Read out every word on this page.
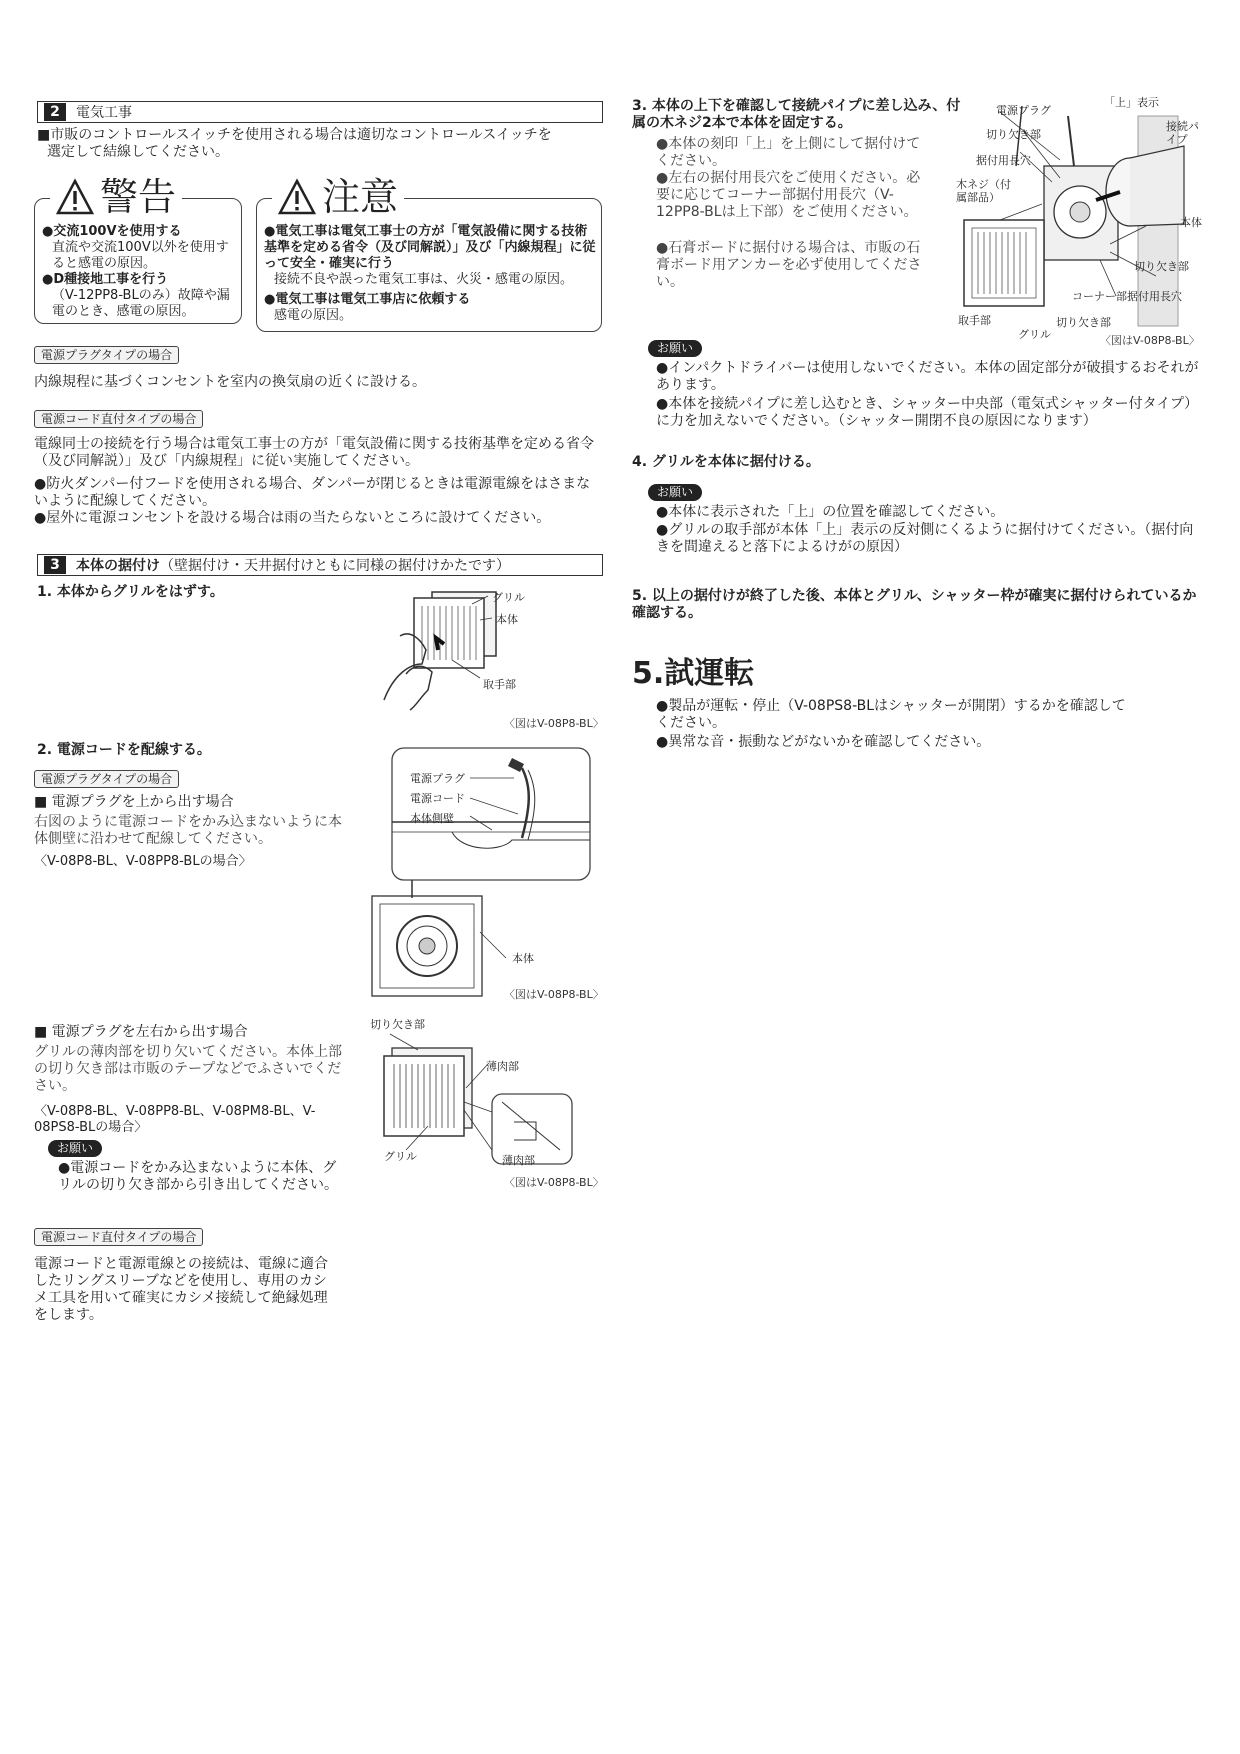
2	電気工事
■市販のコントロールスイッチを使用される場合は適切なコントロールスイッチを
選定して結線してください。
警告
●交流100Vを使用する
直流や交流100V以外を使用すると感電の原因。
●D種接地工事を行う
（V-12PP8-BLのみ）故障や漏電のとき、感電の原因。
注意
●電気工事は電気工事士の方が「電気設備に関する技術基準を定める省令（及び同解説）」及び「内線規程」に従って安全・確実に行う
接続不良や誤った電気工事は、火災・感電の原因。
●電気工事は電気工事店に依頼する
感電の原因。
電源プラグタイプの場合
内線規程に基づくコンセントを室内の換気扇の近くに設ける。
電源コード直付タイプの場合
電線同士の接続を行う場合は電気工事士の方が「電気設備に関する技術基準を定める省令（及び同解説）」及び「内線規程」に従い実施してください。
●防火ダンパー付フードを使用される場合、ダンパーが閉じるときは電源電線をはさまないように配線してください。
●屋外に電源コンセントを設ける場合は雨の当たらないところに設けてください。
3	本体の据付け （壁据付け・天井据付けともに同様の据付けかたです）
1. 本体からグリルをはずす。	グリル
本体
取手部
〈図はV-08P8-BL〉
2. 電源コードを配線する。
電源プラグタイプの場合
■ 電源プラグを上から出す場合
右図のように電源コードをかみ込まないように本体側壁に沿わせて配線してください。
〈V-08P8-BL、V-08PP8-BLの場合〉
電源プラグ
電源コード
本体側壁
本体
〈図はV-08P8-BL〉
■ 電源プラグを左右から出す場合
グリルの薄肉部を切り欠いてください。本体上部の切り欠き部は市販のテープなどでふさいでください。
〈V-08P8-BL、V-08PP8-BL、V-08PM8-BL、V-08PS8-BLの場合〉
お願い
●電源コードをかみ込まないように本体、グリルの切り欠き部から引き出してください。
切り欠き部
薄肉部
薄肉部
グリル
〈図はV-08P8-BL〉
電源コード直付タイプの場合
電源コードと電源電線との接続は、電線に適合したリングスリーブなどを使用し、専用のカシメ工具を用いて確実にカシメ接続して絶縁処理をします。
3. 本体の上下を確認して接続パイプに差し込み、付属の木ネジ2本で本体を固定する。
●本体の刻印「上」を上側にして据付けてください。
●左右の据付用長穴をご使用ください。必要に応じてコーナー部据付用長穴（V-12PP8-BLは上下部）をご使用ください。
●石膏ボードに据付ける場合は、市販の石膏ボード用アンカーを必ず使用してください。
電源プラグ
「上」表示
接続パイプ
切り欠き部
据付用長穴
木ネジ（付属部品）
本体
切り欠き部
コーナー部据付用長穴
切り欠き部
取手部
グリル	〈図はV-08P8-BL〉
お願い
●インパクトドライバーは使用しないでください。本体の固定部分が破損するおそれがあります。
●本体を接続パイプに差し込むとき、シャッター中央部（電気式シャッター付タイプ）に力を加えないでください。（シャッター開閉不良の原因になります）
4. グリルを本体に据付ける。
お願い
●本体に表示された「上」の位置を確認してください。
●グリルの取手部が本体「上」表示の反対側にくるように据付けてください。（据付向きを間違えると落下によるけがの原因）
5. 以上の据付けが終了した後、本体とグリル、シャッター枠が確実に据付けられているか確認する。
5.試運転
●製品が運転・停止（V-08PS8-BLはシャッターが開閉）するかを確認してください。
●異常な音・振動などがないかを確認してください。
